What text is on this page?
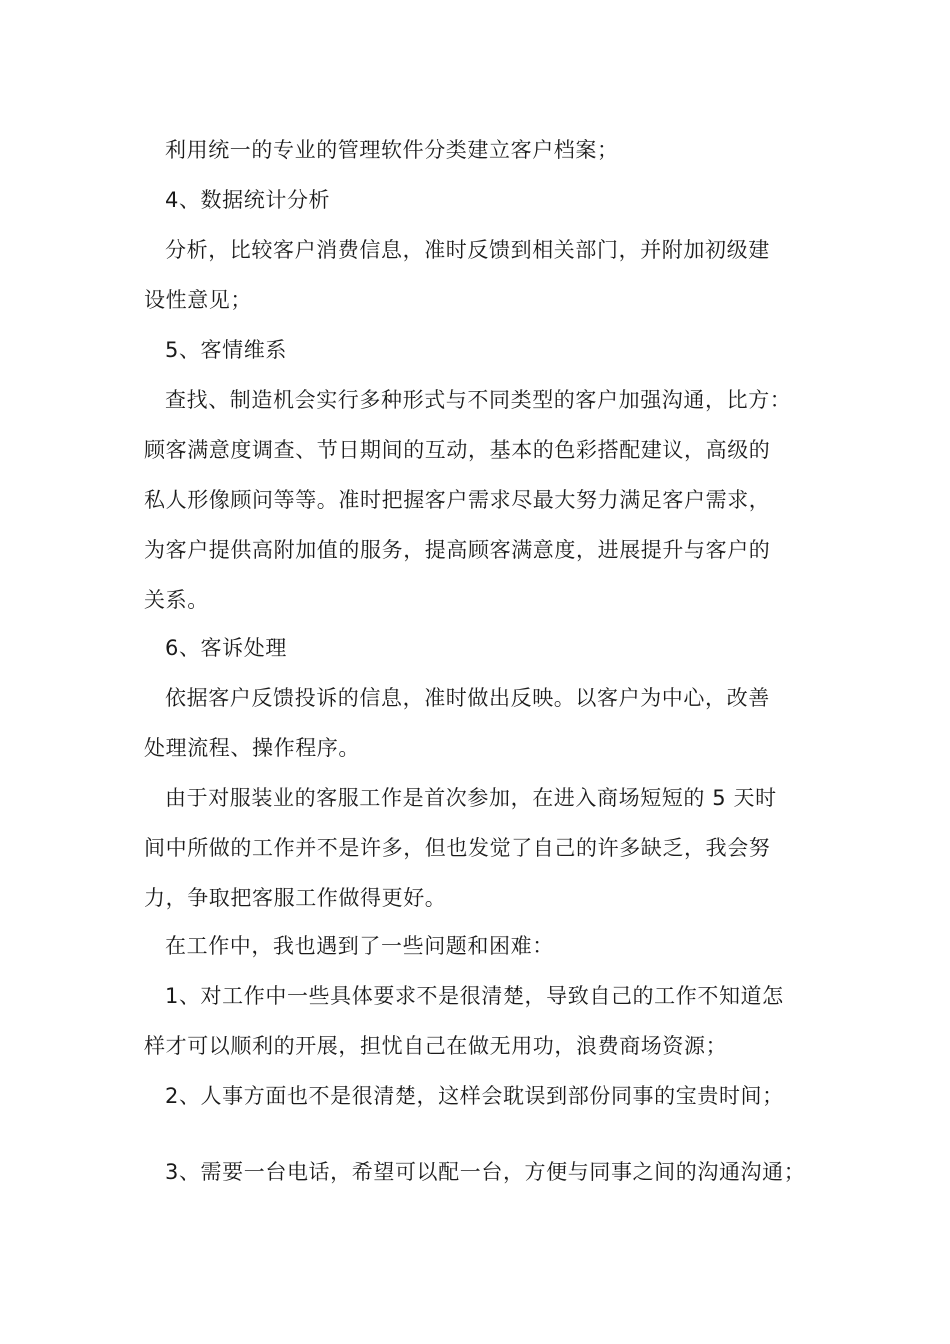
利用统一的专业的管理软件分类建立客户档案；
4、数据统计分析
分析，比较客户消费信息，准时反馈到相关部门，并附加初级建
设性意见；
5、客情维系
查找、制造机会实行多种形式与不同类型的客户加强沟通，比方：
顾客满意度调查、节日期间的互动，基本的色彩搭配建议，高级的
私人形像顾问等等。准时把握客户需求尽最大努力满足客户需求，
为客户提供高附加值的服务，提高顾客满意度，进展提升与客户的
关系。
6、客诉处理
依据客户反馈投诉的信息，准时做出反映。以客户为中心，改善
处理流程、操作程序。
由于对服装业的客服工作是首次参加，在进入商场短短的 5 天时
间中所做的工作并不是许多，但也发觉了自己的许多缺乏，我会努
力，争取把客服工作做得更好。
在工作中，我也遇到了一些问题和困难：
1、对工作中一些具体要求不是很清楚，导致自己的工作不知道怎
样才可以顺利的开展，担忧自己在做无用功，浪费商场资源；
2、人事方面也不是很清楚，这样会耽误到部份同事的宝贵时间；
3、需要一台电话，希望可以配一台，方便与同事之间的沟通沟通；
